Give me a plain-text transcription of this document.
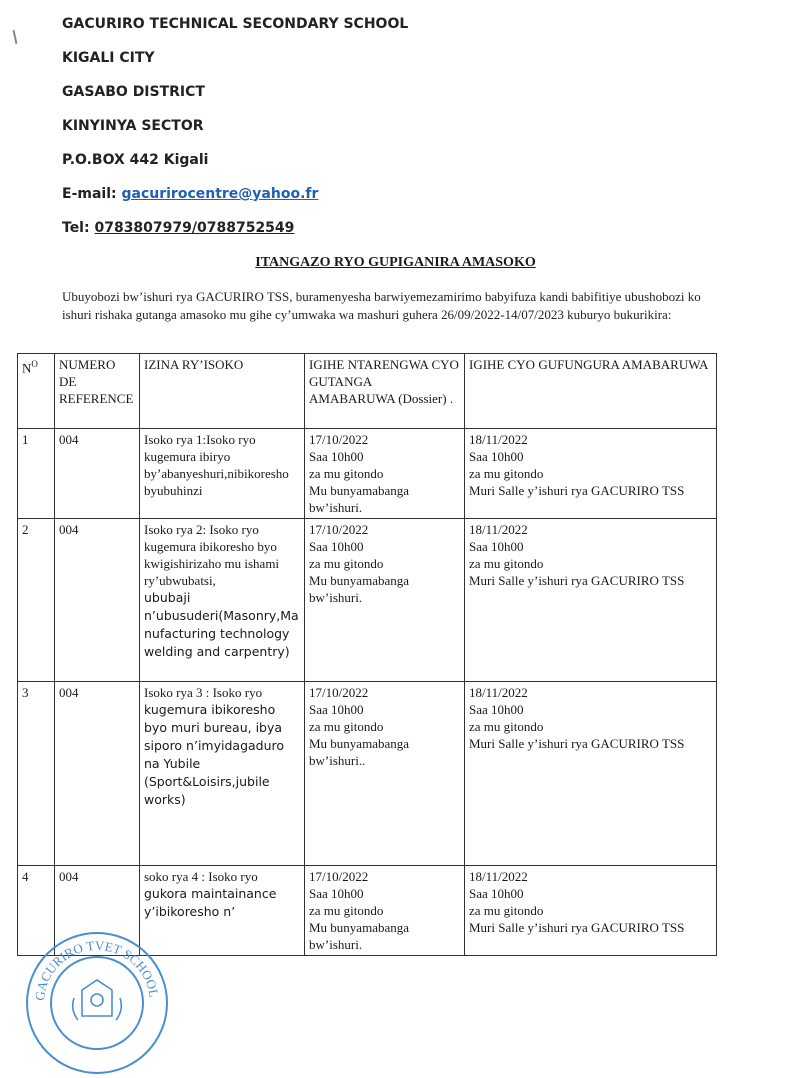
GACURIRO TECHNICAL SECONDARY SCHOOL
KIGALI CITY
GASABO DISTRICT
KINYINYA SECTOR
P.O.BOX 442 Kigali
E-mail: gacurirocentre@yahoo.fr
Tel: 0783807979/0788752549
ITANGAZO RYO GUPIGANIRA AMASOKO
Ubuyobozi bw’ishuri rya GACURIRO TSS, buramenyesha barwiyemezamirimo babyifuza kandi babifitiye ubushobozi ko ishuri rishaka gutanga amasoko mu gihe cy’umwaka wa mashuri guhera 26/09/2022-14/07/2023 kuburyo bukurikira:
$N^O$	NUMERO DE REFERENCE	IZINA RY’ISOKO	IGIHE NTARENGWA CYO GUTANGA AMABARUWA (Dossier) .	IGIHE CYO GUFUNGURA AMABARUWA
1	004	Isoko rya 1:Isoko ryo kugemura ibiryo by’abanyeshuri,nibikoresho byubuhinzi	17/10/2022
Saa 10h00
za mu gitondo
Mu bunyamabanga bw’ishuri.	18/11/2022
Saa 10h00
za mu gitondo
Muri Salle y’ishuri rya GACURIRO TSS

2	004	Isoko rya 2: Isoko ryo kugemura ibikoresho byo kwigishirizaho mu ishami ry’ubwubatsi,
ububaji n’ubusuderi(Masonry,Manufacturing technology welding and carpentry)	17/10/2022
Saa 10h00
za mu gitondo
Mu bunyamabanga bw’ishuri.	18/11/2022
Saa 10h00
za mu gitondo
Muri Salle y’ishuri rya GACURIRO TSS

3	004	Isoko rya 3 : Isoko ryo
kugemura ibikoresho byo muri bureau, ibya siporo n’imyidagaduro na Yubile (Sport&Loisirs,jubile works)	17/10/2022
Saa 10h00
za mu gitondo
Mu bunyamabanga bw’ishuri..	18/11/2022
Saa 10h00
za mu gitondo
Muri Salle y’ishuri rya GACURIRO TSS

4	004	soko rya 4 : Isoko ryo
gukora maintainance y’ibikoresho n’	17/10/2022
Saa 10h00
za mu gitondo
Mu bunyamabanga bw’ishuri.	18/11/2022
Saa 10h00
za mu gitondo
Muri Salle y’ishuri rya GACURIRO TSS
GACURIRO TVET SCHOOL
